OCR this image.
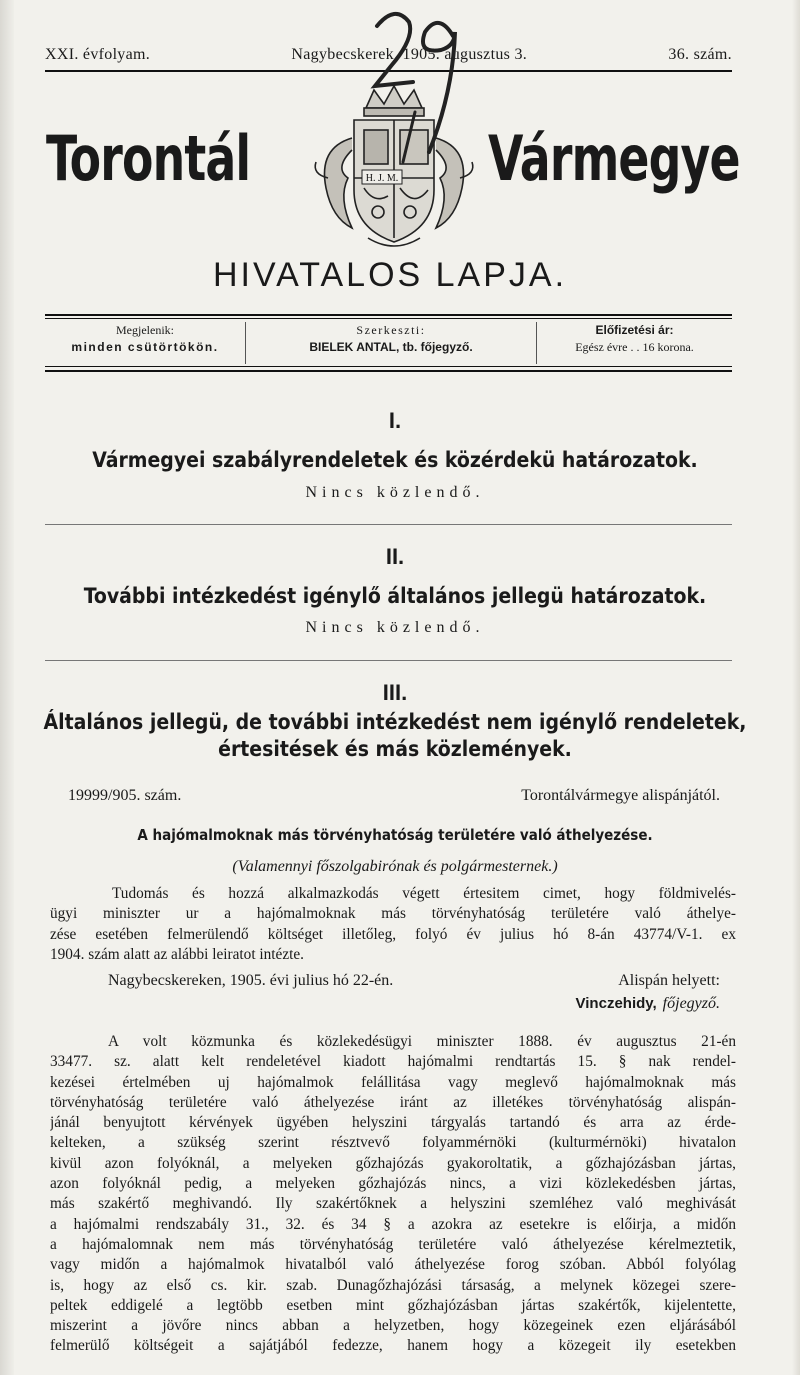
XXI. évfolyam.	Nagybecskerek, 1905. augusztus 3.	36. szám.
Torontál	Vármegye
H. J. M.
29
HIVATALOS LAPJA.
Megjelenik:
minden csütörtökön.
Szerkeszti:
BIELEK ANTAL, tb. főjegyző.
Előfizetési ár:
Egész évre . . 16 korona.
I.
Vármegyei szabályrendeletek és közérdekü határozatok.
Nincs közlendő.
II.
További intézkedést igénylő általános jellegü határozatok.
Nincs közlendő.
III.
Általános jellegü, de további intézkedést nem igénylő rendeletek,
értesitések és más közlemények.
19999/905. szám.	Torontálvármegye alispánjától.
A hajómalmoknak más törvényhatóság területére való áthelyezése.
(Valamennyi főszolgabirónak és polgármesternek.)
Tudomás és hozzá alkalmazkodás végett értesitem cimet, hogy földmivelés-
ügyi miniszter ur a hajómalmoknak más törvényhatóság területére való áthelye-
zése esetében felmerülendő költséget illetőleg, folyó év julius hó 8-án 43774/V-1. ex
1904. szám alatt az alábbi leiratot intézte.
Nagybecskereken, 1905. évi julius hó 22-én.	Alispán helyett:
Vinczehidy, főjegyző.
A volt közmunka és közlekedésügyi miniszter 1888. év augusztus 21-én
33477. sz. alatt kelt rendeletével kiadott hajómalmi rendtartás 15. § nak rendel-
kezései értelmében uj hajómalmok felállitása vagy meglevő hajómalmoknak más
törvényhatóság területére való áthelyezése iránt az illetékes törvényhatóság alispán-
jánál benyujtott kérvények ügyében helyszini tárgyalás tartandó és arra az érde-
kelteken, a szükség szerint résztvevő folyammérnöki (kulturmérnöki) hivatalon
kivül azon folyóknál, a melyeken gőzhajózás gyakoroltatik, a gőzhajózásban jártas,
azon folyóknál pedig, a melyeken gőzhajózás nincs, a vizi közlekedésben jártas,
más szakértő meghivandó. Ily szakértőknek a helyszini szemléhez való meghivását
a hajómalmi rendszabály 31., 32. és 34 § a azokra az esetekre is előirja, a midőn
a hajómalomnak nem más törvényhatóság területére való áthelyezése kérelmeztetik,
vagy midőn a hajómalmok hivatalból való áthelyezése forog szóban. Abból folyólag
is, hogy az első cs. kir. szab. Dunagőzhajózási társaság, a melynek közegei szere-
peltek eddigelé a legtöbb esetben mint gőzhajózásban jártas szakértők, kijelentette,
miszerint a jövőre nincs abban a helyzetben, hogy közegeinek ezen eljárásából
felmerülő költségeit a sajátjából fedezze, hanem hogy a közegeit ily esetekben
